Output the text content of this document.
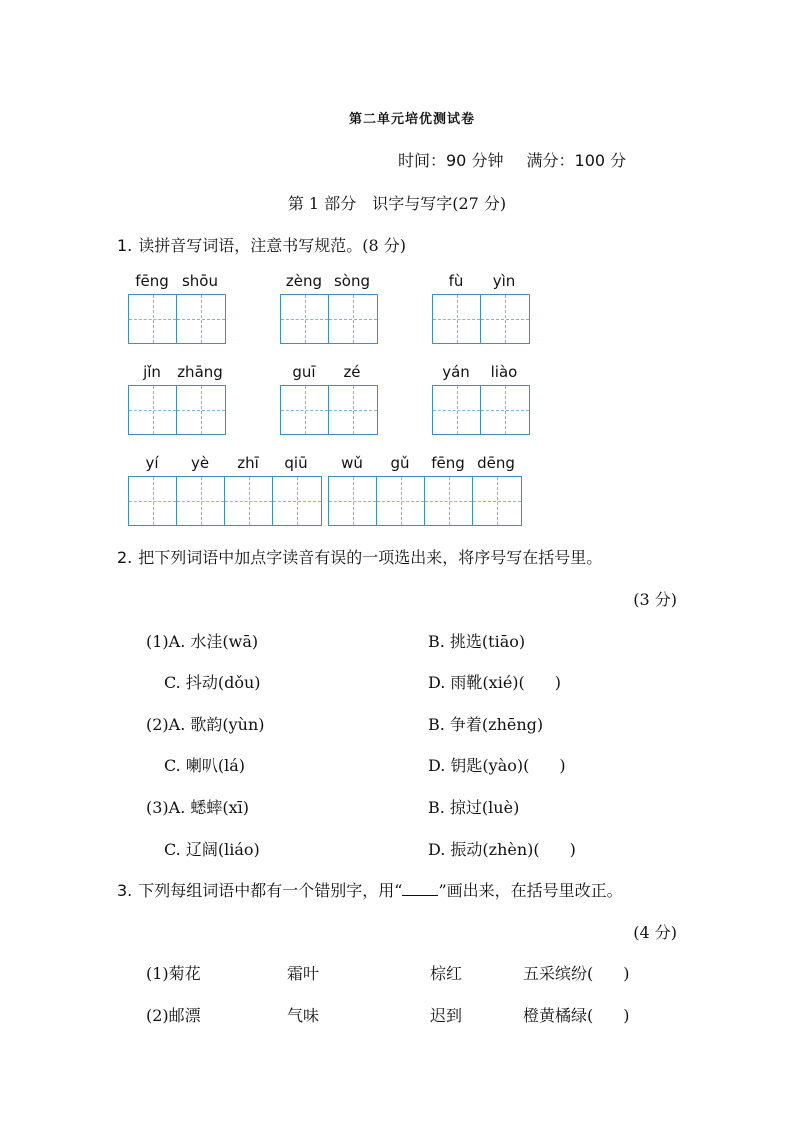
第二单元培优测试卷
时间：90 分钟 满分：100 分
第 1 部分　识字与写字(27 分)
1. 读拼音写词语，注意书写规范。(8 分)
fēng shōu	zèng sòng	fù	yìn
jǐn	zhāng	guī	zé	yán	liào
yí	yè	zhī	qiū	wǔ	gǔ	fēng dēng
2. 把下列词语中加点字读音有误的一项选出来，将序号写在括号里。
(3 分)
(1)A. 水洼(wā)	B. 挑选(tiāo)
C. 抖动(dǒu)	D. 雨靴(xié)( )
(2)A. 歌韵(yùn)	B. 争着(zhēng)
C. 喇叭(lá)	D. 钥匙(yào)( )
(3)A. 蟋蟀(xī)	B. 掠过(luè)
C. 辽阔(liáo)	D. 振动(zhèn)( )
3. 下列每组词语中都有一个错别字，用“ ”画出来，在括号里改正。
(4 分)
(1)菊花	霜叶	棕红	五采缤纷( )
(2)邮漂	气味	迟到	橙黄橘绿( )
